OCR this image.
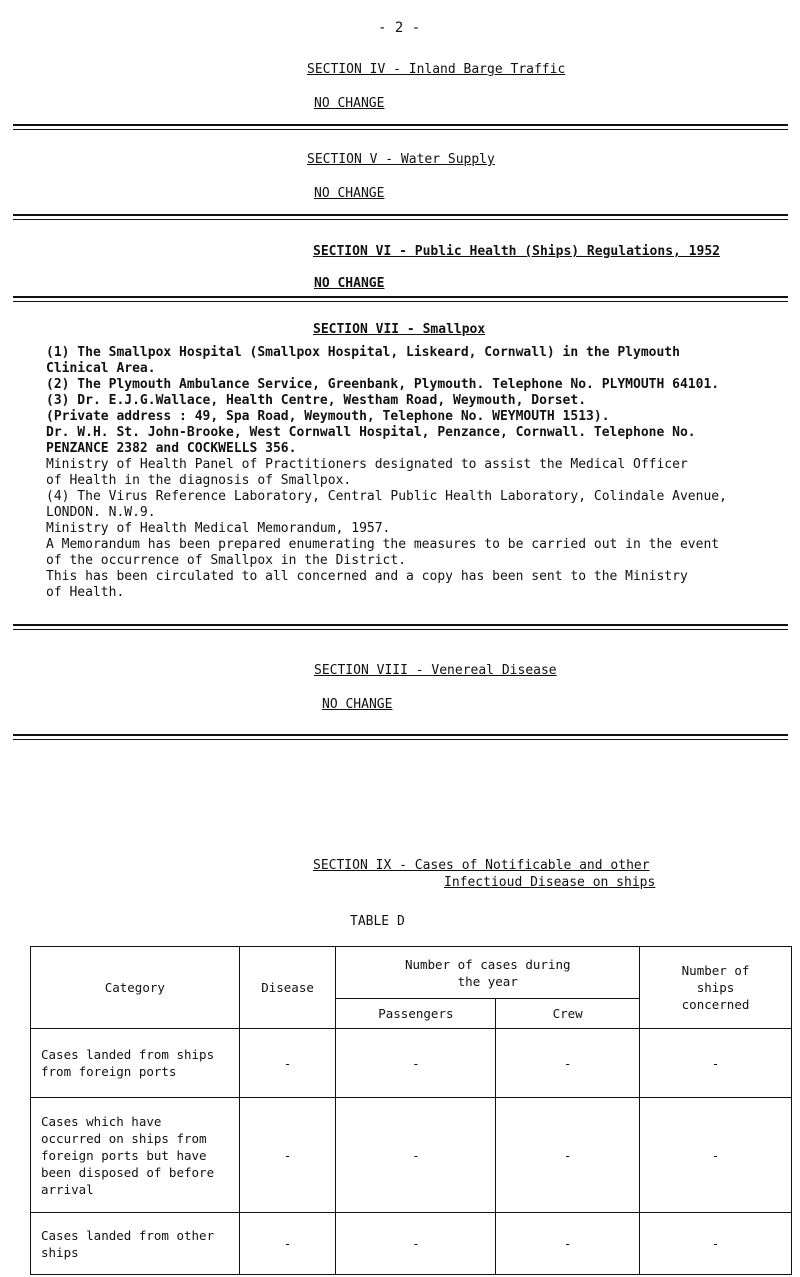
- 2 -
SECTION IV - Inland Barge Traffic
NO CHANGE
SECTION V - Water Supply
NO CHANGE
SECTION VI - Public Health (Ships) Regulations, 1952
NO CHANGE
SECTION VII - Smallpox
(1) The Smallpox Hospital (Smallpox Hospital, Liskeard, Cornwall) in the Plymouth
Clinical Area.
(2) The Plymouth Ambulance Service, Greenbank, Plymouth. Telephone No. PLYMOUTH 64101.
(3) Dr. E.J.G.Wallace, Health Centre, Westham Road, Weymouth, Dorset.
(Private address : 49, Spa Road, Weymouth, Telephone No. WEYMOUTH 1513).
Dr. W.H. St. John-Brooke, West Cornwall Hospital, Penzance, Cornwall. Telephone No.
PENZANCE 2382 and COCKWELLS 356.
Ministry of Health Panel of Practitioners designated to assist the Medical Officer
of Health in the diagnosis of Smallpox.
(4) The Virus Reference Laboratory, Central Public Health Laboratory, Colindale Avenue,
LONDON. N.W.9.
Ministry of Health Medical Memorandum, 1957.
A Memorandum has been prepared enumerating the measures to be carried out in the event
of the occurrence of Smallpox in the District.
This has been circulated to all concerned and a copy has been sent to the Ministry
of Health.
SECTION VIII - Venereal Disease
NO CHANGE
SECTION IX - Cases of Notificable and other
Infectioud Disease on ships
TABLE D
Category	Disease	Number of cases during the year		Number of ships concerned
		Passengers	Crew	
Cases landed from ships from foreign ports	-	-	-	-
Cases which have occurred on ships from foreign ports but have been disposed of before arrival	-	-	-	-
Cases landed from other ships	-	-	-	-
